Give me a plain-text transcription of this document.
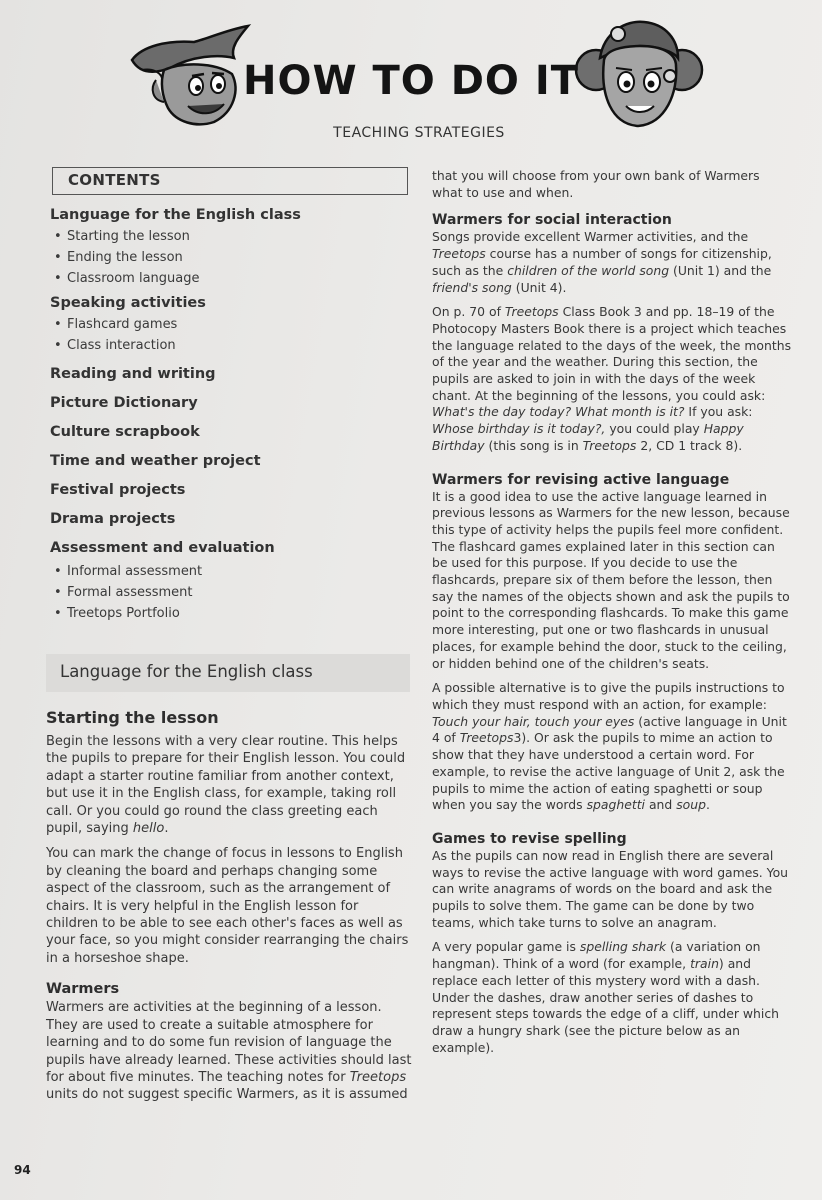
HOW TO DO IT
TEACHING STRATEGIES
CONTENTS
Language for the English class
• Starting the lesson
• Ending the lesson
• Classroom language
Speaking activities
• Flashcard games
• Class interaction
Reading and writing
Picture Dictionary
Culture scrapbook
Time and weather project
Festival projects
Drama projects
Assessment and evaluation
• Informal assessment
• Formal assessment
• Treetops Portfolio
Language for the English class
Starting the lesson

Begin the lessons with a very clear routine. This helps the pupils to prepare for their English lesson. You could adapt a starter routine familiar from another context, but use it in the English class, for example, taking roll call. Or you could go round the class greeting each pupil, saying hello.

You can mark the change of focus in lessons to English by cleaning the board and perhaps changing some aspect of the classroom, such as the arrangement of chairs. It is very helpful in the English lesson for children to be able to see each other's faces as well as your face, so you might consider rearranging the chairs in a horseshoe shape.

Warmers

Warmers are activities at the beginning of a lesson. They are used to create a suitable atmosphere for learning and to do some fun revision of language the pupils have already learned. These activities should last for about five minutes. The teaching notes for Treetops units do not suggest specific Warmers, as it is assumed

that you will choose from your own bank of Warmers what to use and when.

Warmers for social interaction

Songs provide excellent Warmer activities, and the Treetops course has a number of songs for citizenship, such as the children of the world song (Unit 1) and the friend's song (Unit 4).

On p. 70 of Treetops Class Book 3 and pp. 18–19 of the Photocopy Masters Book there is a project which teaches the language related to the days of the week, the months of the year and the weather. During this section, the pupils are asked to join in with the days of the week chant. At the beginning of the lessons, you could ask: What's the day today? What month is it? If you ask: Whose birthday is it today?, you could play Happy Birthday (this song is in Treetops 2, CD 1 track 8).

Warmers for revising active language

It is a good idea to use the active language learned in previous lessons as Warmers for the new lesson, because this type of activity helps the pupils feel more confident. The flashcard games explained later in this section can be used for this purpose. If you decide to use the flashcards, prepare six of them before the lesson, then say the names of the objects shown and ask the pupils to point to the corresponding flashcards. To make this game more interesting, put one or two flashcards in unusual places, for example behind the door, stuck to the ceiling, or hidden behind one of the children's seats.

A possible alternative is to give the pupils instructions to which they must respond with an action, for example: Touch your hair, touch your eyes (active language in Unit 4 of Treetops3). Or ask the pupils to mime an action to show that they have understood a certain word. For example, to revise the active language of Unit 2, ask the pupils to mime the action of eating spaghetti or soup when you say the words spaghetti and soup.

Games to revise spelling

As the pupils can now read in English there are several ways to revise the active language with word games. You can write anagrams of words on the board and ask the pupils to solve them. The game can be done by two teams, which take turns to solve an anagram.

A very popular game is spelling shark (a variation on hangman). Think of a word (for example, train) and replace each letter of this mystery word with a dash. Under the dashes, draw another series of dashes to represent steps towards the edge of a cliff, under which draw a hungry shark (see the picture below as an example).

94
